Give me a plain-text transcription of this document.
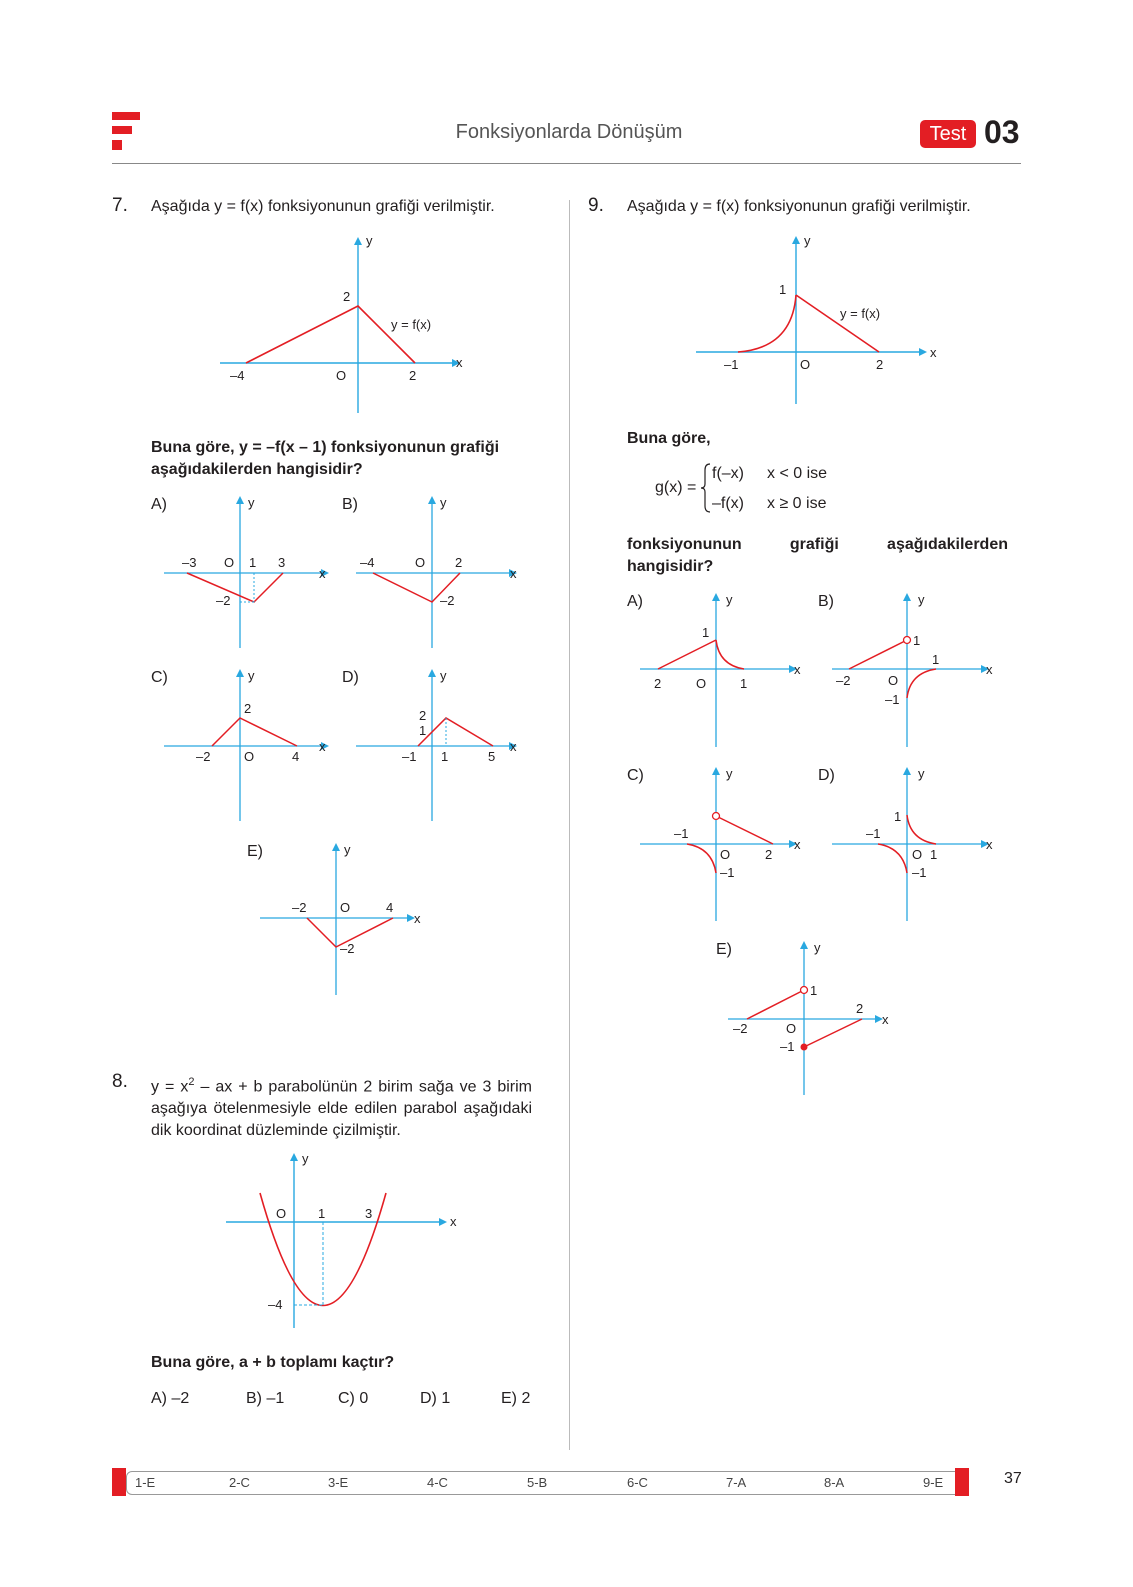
Fonksiyonlarda Dönüşüm	Test 03
7. Aşağıda y = f(x) fonksiyonunun grafiği verilmiştir.
y
x
O
–4	2
2
y = f(x)
Buna göre, y = –f(x – 1) fonksiyonunun grafiği aşağıdakilerden hangisidir?
A)	y
x
–3 O 1 3
–2
B)	y
x
–4	O 2
–2
C)	y
x
–2	O	4
2
D)	y
x
–1 1	5
2
1
E)	y
x
–2	O	4
–2
8. $y = x^2$ – ax + b parabolünün 2 birim sağa ve 3 birim aşağıya ötelenmesiyle elde edilen parabol aşağıdaki dik koordinat düzleminde çizilmiştir.
y
x
O 1	3
–4
Buna göre, a + b toplamı kaçtır?
A) –2	B) –1	C) 0	D) 1	E) 2
9. Aşağıda y = f(x) fonksiyonunun grafiği verilmiştir.
y
x
O
–1	2
1
y = f(x)
Buna göre,
g(x) =
f(–x) x < 0 ise
–f(x) x ≥ 0 ise
fonksiyonunun grafiği aşağıdakilerden hangisidir?
A)	y
x
1
2	O	1
B)	y
x
1
1
–2	O
–1
C)	y
x
–1
O	2
–1
D)	y
x
1
–1
O 1
–1
E)	y
x
1
2
–2	O
–1
1-E	2-C	3-E	4-C	5-B	6-C	7-A	8-A	9-E	37
